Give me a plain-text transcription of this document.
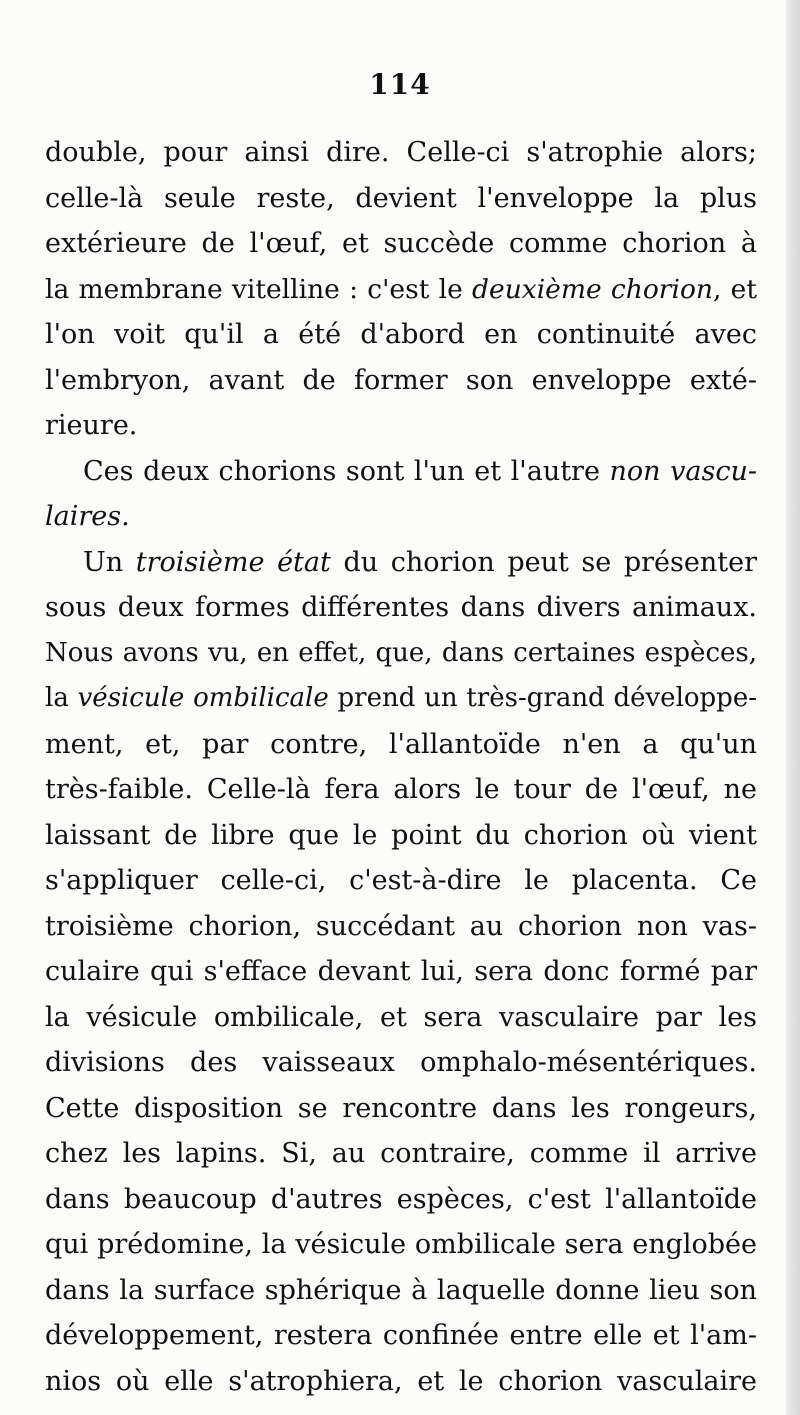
114
double, pour ainsi dire. Celle-ci s'atrophie alors;
celle-là seule reste, devient l'enveloppe la plus
extérieure de l'œuf, et succède comme chorion à
la membrane vitelline : c'est le deuxième chorion, et
l'on voit qu'il a été d'abord en continuité avec
l'embryon, avant de former son enveloppe exté-
rieure.
Ces deux chorions sont l'un et l'autre non vascu-
laires.
Un troisième état du chorion peut se présenter
sous deux formes différentes dans divers animaux.
Nous avons vu, en effet, que, dans certaines espèces,
la vésicule ombilicale prend un très-grand développe-
ment, et, par contre, l'allantoïde n'en a qu'un
très-faible. Celle-là fera alors le tour de l'œuf, ne
laissant de libre que le point du chorion où vient
s'appliquer celle-ci, c'est-à-dire le placenta. Ce
troisième chorion, succédant au chorion non vas-
culaire qui s'efface devant lui, sera donc formé par
la vésicule ombilicale, et sera vasculaire par les
divisions des vaisseaux omphalo-mésentériques.
Cette disposition se rencontre dans les rongeurs,
chez les lapins. Si, au contraire, comme il arrive
dans beaucoup d'autres espèces, c'est l'allantoïde
qui prédomine, la vésicule ombilicale sera englobée
dans la surface sphérique à laquelle donne lieu son
développement, restera confinée entre elle et l'am-
nios où elle s'atrophiera, et le chorion vasculaire
